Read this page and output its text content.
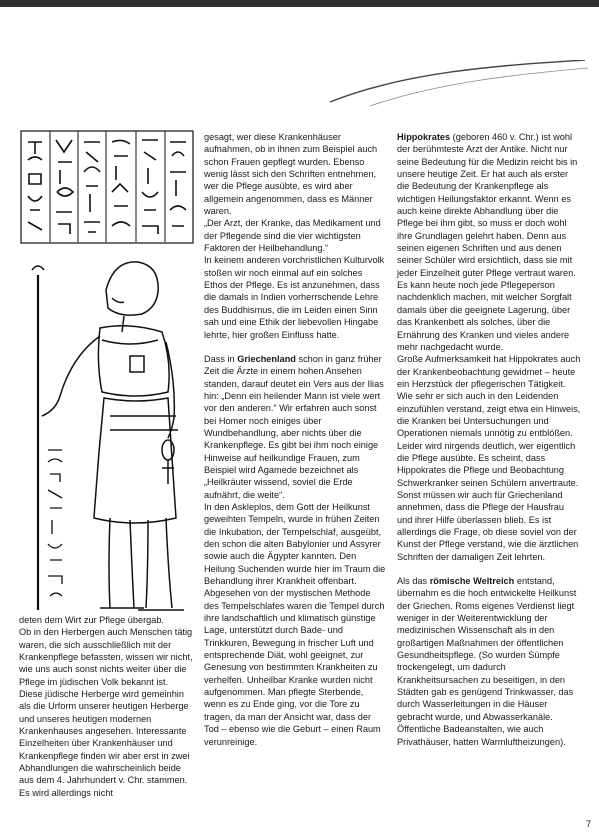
deten dem Wirt zur Pflege übergab.
Ob in den Herbergen auch Menschen tätig waren, die sich ausschließlich mit der Krankenpflege befassten, wissen wir nicht, wie uns auch sonst nichts weiter über die Pflege im jüdischen Volk bekannt ist. Diese jüdische Herberge wird gemeinhin als die Urform unserer heutigen Herberge und unseres heutigen modernen Krankenhauses angesehen. Interessante Einzelheiten über Krankenhäuser und Krankenpflege finden wir aber erst in zwei Abhandlungen die wahrscheinlich beide aus dem 4. Jahrhundert v. Chr. stammen. Es wird allerdings nicht

gesagt, wer diese Krankenhäuser aufnahmen, ob in ihnen zum Beispiel auch schon Frauen gepflegt wurden. Ebenso wenig lässt sich den Schriften entnehmen, wer die Pflege ausübte, es wird aber allgemein angenommen, dass es Männer waren.

„Der Arzt, der Kranke, das Medikament und der Pflegende sind die vier wichtigsten Faktoren der Heilbehandlung.“

In keinem anderen vorchristlichen Kulturvolk stoßen wir noch einmal auf ein solches Ethos der Pflege. Es ist anzunehmen, dass die damals in Indien vorherrschende Lehre des Buddhismus, die im Leiden einen Sinn sah und eine Ethik der liebevollen Hingabe lehrte, hier großen Einfluss hatte.

Dass in Griechenland schon in ganz früher Zeit die Ärzte in einem hohen Ansehen standen, darauf deutet ein Vers aus der Ilias hin: „Denn ein heilender Mann ist viele wert vor den anderen.“ Wir erfahren auch sonst bei Homer noch einiges über Wundbehandlung, aber nichts über die Krankenpflege. Es gibt bei ihm noch einige Hinweise auf heilkundige Frauen, zum Beispiel wird Agamede bezeichnet als „Heilkräuter wissend, soviel die Erde aufnährt, die weite“.

In den Askleplos, dem Gott der Heilkunst geweihten Tempeln, wurde in frühen Zeiten die Inkubation, der Tempelschlaf, ausgeübt, den schon die alten Babylonier und Assyrer sowie auch die Ägypter kannten. Den Heilung Suchenden wurde hier im Traum die Behandlung ihrer Krankheit offenbart.

Abgesehen von der mystischen Methode des Tempelschlafes waren die Tempel durch ihre landschaftlich und klimatisch günstige Lage, unterstützt durch Bade- und Trinkkuren, Bewegung in frischer Luft und entsprechende Diät, wohl geeignet, zur Genesung von bestimmten Krankheiten zu verhelfen. Unheilbar Kranke wurden nicht aufgenommen. Man pflegte Sterbende, wenn es zu Ende ging, vor die Tore zu tragen, da man der Ansicht war, dass der Tod – ebenso wie die Geburt – einen Raum verunreinige.

Hippokrates (geboren 460 v. Chr.) ist wohl der berühmteste Arzt der Antike. Nicht nur seine Bedeutung für die Medizin reicht bis in unsere heutige Zeit. Er hat auch als erster die Bedeutung der Krankenpflege als wichtigen Heilungsfaktor erkannt. Wenn es auch keine direkte Abhandlung über die Pflege bei ihm gibt, so muss er doch wohl ihre Grundlagen gelehrt haben. Denn aus seinen eigenen Schriften und aus denen seiner Schüler wird ersichtlich, dass sie mit jeder Einzelheit guter Pflege vertraut waren. Es kann heute noch jede Pflegeperson nachdenklich machen, mit welcher Sorgfalt damals über die geeignete Lagerung, über das Krankenbett als solches, über die Ernährung des Kranken und vieles andere mehr nachgedacht wurde.

Große Aufmerksamkeit hat Hippokrates auch der Krankenbeobachtung gewidmet – heute ein Herzstück der pflegerischen Tätigkeit. Wie sehr er sich auch in den Leidenden einzufühlen verstand, zeigt etwa ein Hinweis, die Kranken bei Untersuchungen und Operationen niemals unnötig zu entblößen. Leider wird nirgends deutlich, wer eigentlich die Pflege ausübte. Es scheint, dass Hippokrates die Pflege und Beobachtung Schwerkranker seinen Schülern anvertraute. Sonst müssen wir auch für Griechenland annehmen, dass die Pflege der Hausfrau und ihrer Hilfe überlassen blieb. Es ist allerdings die Frage, ob diese soviel von der Kunst der Pflege verstand, wie die ärztlichen Schriften der damaligen Zeit lehrten.

Als das römische Weltreich entstand, übernahm es die hoch entwickelte Heilkunst der Griechen. Roms eigenes Verdienst liegt weniger in der Weiterentwicklung der medizinischen Wissenschaft als in den großartigen Maßnahmen der öffentlichen Gesundheitspflege. (So wurden Sümpfe trockengelegt, um dadurch Krankheitsursachen zu beseitigen, in den Städten gab es genügend Trinkwasser, das durch Wasserleitungen in die Häuser gebracht wurde, und Abwasserkanäle. Öffentliche Badeanstalten, wie auch Privathäuser, hatten Warmluftheizungen).

7
